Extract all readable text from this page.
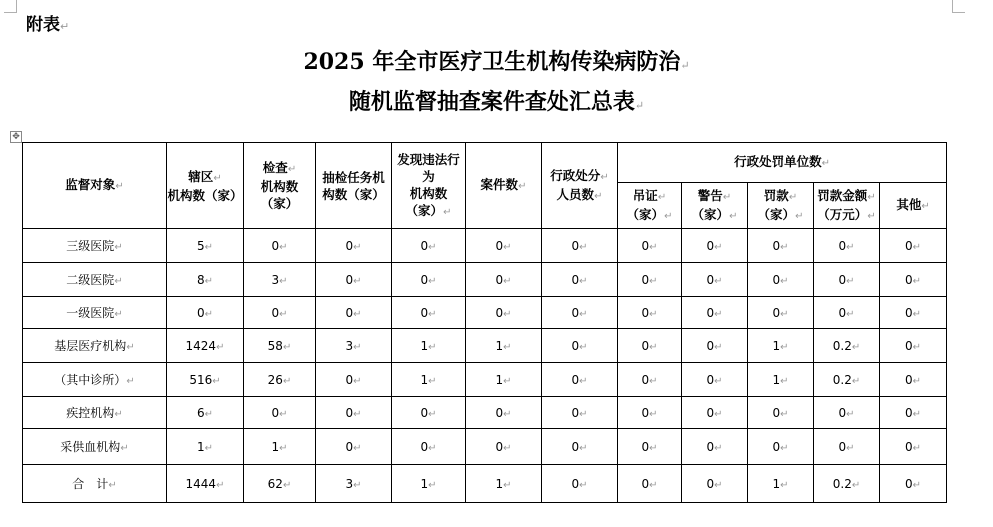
附表↵
2025 年全市医疗卫生机构传染病防治↵
随机监督抽查案件查处汇总表↵
✥
监督对象↵	辖区↵
机构数（家）	检查↵
机构数
（家）	抽检任务机
构数（家）	发现违法行
为
机构数
（家）↵	案件数↵	行政处分↵
人员数↵	行政处罚单位数↵				
							吊证↵
（家）↵	警告↵
（家）↵	罚款↵
（家）↵	罚款金额↵
（万元）↵	其他↵
三级医院↵	5↵	0↵	0↵	0↵	0↵	0↵	0↵	0↵	0↵	0↵	0↵
二级医院↵	8↵	3↵	0↵	0↵	0↵	0↵	0↵	0↵	0↵	0↵	0↵
一级医院↵	0↵	0↵	0↵	0↵	0↵	0↵	0↵	0↵	0↵	0↵	0↵
基层医疗机构↵	1424↵	58↵	3↵	1↵	1↵	0↵	0↵	0↵	1↵	0.2↵	0↵
（其中诊所）↵	516↵	26↵	0↵	1↵	1↵	0↵	0↵	0↵	1↵	0.2↵	0↵
疾控机构↵	6↵	0↵	0↵	0↵	0↵	0↵	0↵	0↵	0↵	0↵	0↵
采供血机构↵	1↵	1↵	0↵	0↵	0↵	0↵	0↵	0↵	0↵	0↵	0↵
合　计↵	1444↵	62↵	3↵	1↵	1↵	0↵	0↵	0↵	1↵	0.2↵	0↵
